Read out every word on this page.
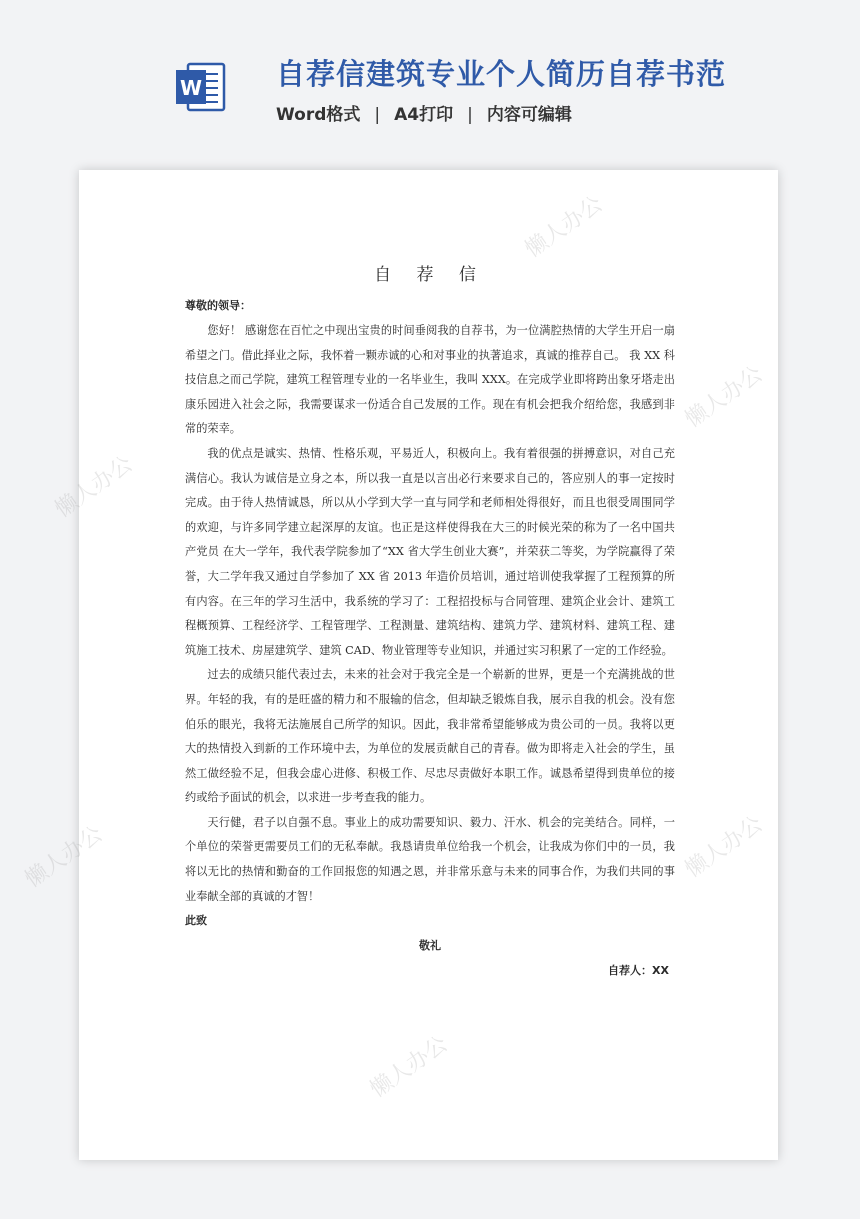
W	自荐信建筑专业个人简历自荐书范
Word格式 | A4打印 | 内容可编辑
懒人办公
懒人办公
懒人办公
懒人办公	懒人办公
懒人办公
自 荐 信
尊敬的领导：

您好！ 感谢您在百忙之中现出宝贵的时间垂阅我的自荐书，为一位满腔热情的大学生开启一扇希望之门。借此择业之际，我怀着一颗赤诚的心和对事业的执著追求，真诚的推荐自己。 我 XX 科技信息之而己学院，建筑工程管理专业的一名毕业生，我叫 XXX。在完成学业即将跨出象牙塔走出康乐园进入社会之际，我需要谋求一份适合自己发展的工作。现在有机会把我介绍给您，我感到非常的荣幸。

我的优点是诚实、热情、性格乐观，平易近人，积极向上。我有着很强的拼搏意识，对自己充满信心。我认为诚信是立身之本，所以我一直是以言出必行来要求自己的，答应别人的事一定按时完成。由于待人热情诚恳，所以从小学到大学一直与同学和老师相处得很好，而且也很受周围同学的欢迎，与许多同学建立起深厚的友谊。也正是这样使得我在大三的时候光荣的称为了一名中国共产党员 在大一学年，我代表学院参加了“XX 省大学生创业大赛”，并荣获二等奖，为学院赢得了荣誉，大二学年我又通过自学参加了 XX 省 2013 年造价员培训，通过培训使我掌握了工程预算的所有内容。在三年的学习生活中，我系统的学习了：工程招投标与合同管理、建筑企业会计、建筑工程概预算、工程经济学、工程管理学、工程测量、建筑结构、建筑力学、建筑材料、建筑工程、建筑施工技术、房屋建筑学、建筑 CAD、物业管理等专业知识，并通过实习积累了一定的工作经验。

过去的成绩只能代表过去，未来的社会对于我完全是一个崭新的世界，更是一个充满挑战的世界。年轻的我，有的是旺盛的精力和不服输的信念，但却缺乏锻炼自我，展示自我的机会。没有您伯乐的眼光，我将无法施展自己所学的知识。因此，我非常希望能够成为贵公司的一员。我将以更大的热情投入到新的工作环境中去，为单位的发展贡献自己的青春。做为即将走入社会的学生，虽然工做经验不足，但我会虚心进修、积极工作、尽忠尽责做好本职工作。诚恳希望得到贵单位的接约或给予面试的机会，以求进一步考查我的能力。

天行健，君子以自强不息。事业上的成功需要知识、毅力、汗水、机会的完美结合。同样，一个单位的荣誉更需要员工们的无私奉献。我恳请贵单位给我一个机会，让我成为你们中的一员，我将以无比的热情和勤奋的工作回报您的知遇之恩，并非常乐意与未来的同事合作，为我们共同的事业奉献全部的真诚的才智！

此致
敬礼
自荐人：XX
